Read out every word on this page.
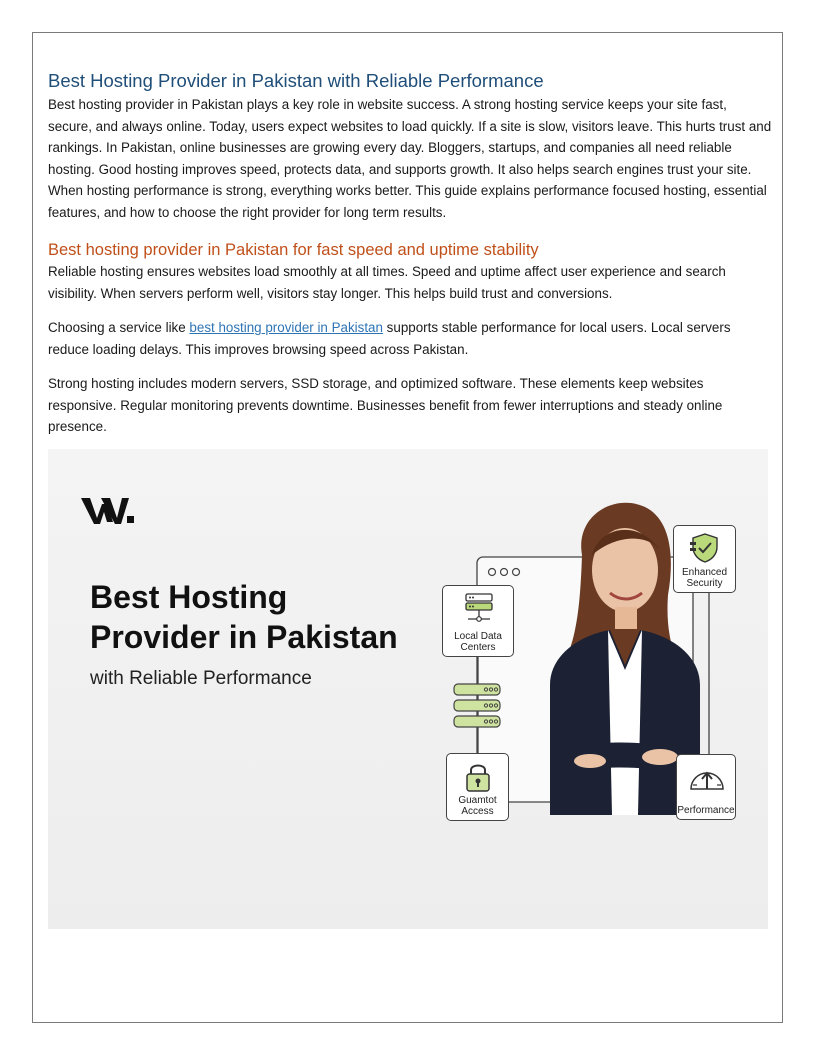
Best Hosting Provider in Pakistan with Reliable Performance

Best hosting provider in Pakistan plays a key role in website success. A strong hosting service keeps your site fast, secure, and always online. Today, users expect websites to load quickly. If a site is slow, visitors leave. This hurts trust and rankings. In Pakistan, online businesses are growing every day. Bloggers, startups, and companies all need reliable hosting. Good hosting improves speed, protects data, and supports growth. It also helps search engines trust your site. When hosting performance is strong, everything works better. This guide explains performance focused hosting, essential features, and how to choose the right provider for long term results.

Best hosting provider in Pakistan for fast speed and uptime stability

Reliable hosting ensures websites load smoothly at all times. Speed and uptime affect user experience and search visibility. When servers perform well, visitors stay longer. This helps build trust and conversions.

Choosing a service like best hosting provider in Pakistan supports stable performance for local users. Local servers reduce loading delays. This improves browsing speed across Pakistan.

Strong hosting includes modern servers, SSD storage, and optimized software. These elements keep websites responsive. Regular monitoring prevents downtime. Businesses benefit from fewer interruptions and steady online presence.

Best Hosting
Provider in Pakistan

with Reliable Performance

Enhanced Security
Local Data Centers
Guamtot Access	Performance
